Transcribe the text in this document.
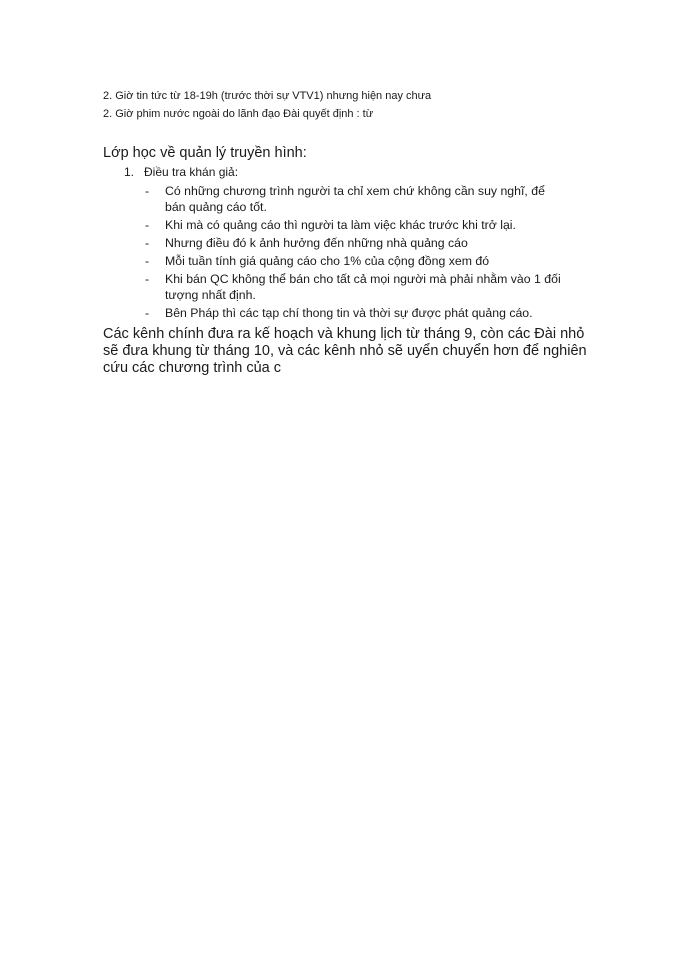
2. Giờ tin tức từ 18-19h (trước thời sự VTV1) nhưng hiện nay chưa
2. Giờ phim nước ngoài do lãnh đạo Đài quyết định : từ
Lớp học về quản lý truyền hình:
1. Điều tra khán giả:
- Có những chương trình người ta chỉ xem chứ không cần suy nghĩ, để bán quảng cáo tốt.
- Khi mà có quảng cáo thì người ta làm việc khác trước khi trở lại.
- Nhưng điều đó k ảnh hưởng đến những nhà quảng cáo
- Mỗi tuần tính giá quảng cáo cho 1% của cộng đồng xem đó
- Khi bán QC không thể bán cho tất cả mọi người mà phải nhằm vào 1 đối tượng nhất định.
- Bên Pháp thì các tạp chí thong tin và thời sự được phát quảng cáo.

Các kênh chính đưa ra kế hoạch và khung lịch từ tháng 9, còn các Đài nhỏ sẽ đưa khung từ tháng 10, và các kênh nhỏ sẽ uyển chuyển hơn để nghiên cứu các chương trình của c
